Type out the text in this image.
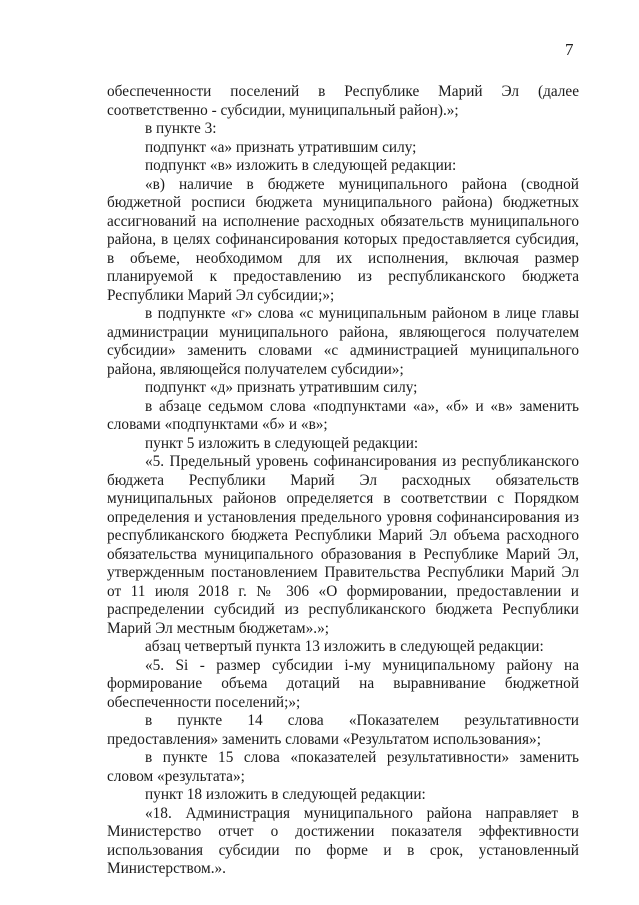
7

обеспеченности поселений в Республике Марий Эл (далее соответственно - субсидии, муниципальный район).»;

в пункте 3:

подпункт «а» признать утратившим силу;

подпункт «в» изложить в следующей редакции:

«в) наличие в бюджете муниципального района (сводной бюджетной росписи бюджета муниципального района) бюджетных ассигнований на исполнение расходных обязательств муниципального района, в целях софинансирования которых предоставляется субсидия, в объеме, необходимом для их исполнения, включая размер планируемой к предоставлению из республиканского бюджета Республики Марий Эл субсидии;»;

в подпункте «г» слова «с муниципальным районом в лице главы администрации муниципального района, являющегося получателем субсидии» заменить словами «с администрацией муниципального района, являющейся получателем субсидии»;

подпункт «д» признать утратившим силу;

в абзаце седьмом слова «подпунктами «а», «б» и «в» заменить словами «подпунктами «б» и «в»;

пункт 5 изложить в следующей редакции:

«5. Предельный уровень софинансирования из республиканского бюджета Республики Марий Эл расходных обязательств муниципальных районов определяется в соответствии с Порядком определения и установления предельного уровня софинансирования из республиканского бюджета Республики Марий Эл объема расходного обязательства муниципального образования в Республике Марий Эл, утвержденным постановлением Правительства Республики Марий Эл от 11 июля 2018 г. № 306 «О формировании, предоставлении и распределении субсидий из республиканского бюджета Республики Марий Эл местным бюджетам».»;

абзац четвертый пункта 13 изложить в следующей редакции:

«5. Si - размер субсидии i-му муниципальному району на формирование объема дотаций на выравнивание бюджетной обеспеченности поселений;»;

в пункте 14 слова «Показателем результативности предоставления» заменить словами «Результатом использования»;

в пункте 15 слова «показателей результативности» заменить словом «результата»;

пункт 18 изложить в следующей редакции:

«18. Администрация муниципального района направляет в Министерство отчет о достижении показателя эффективности использования субсидии по форме и в срок, установленный Министерством.».
